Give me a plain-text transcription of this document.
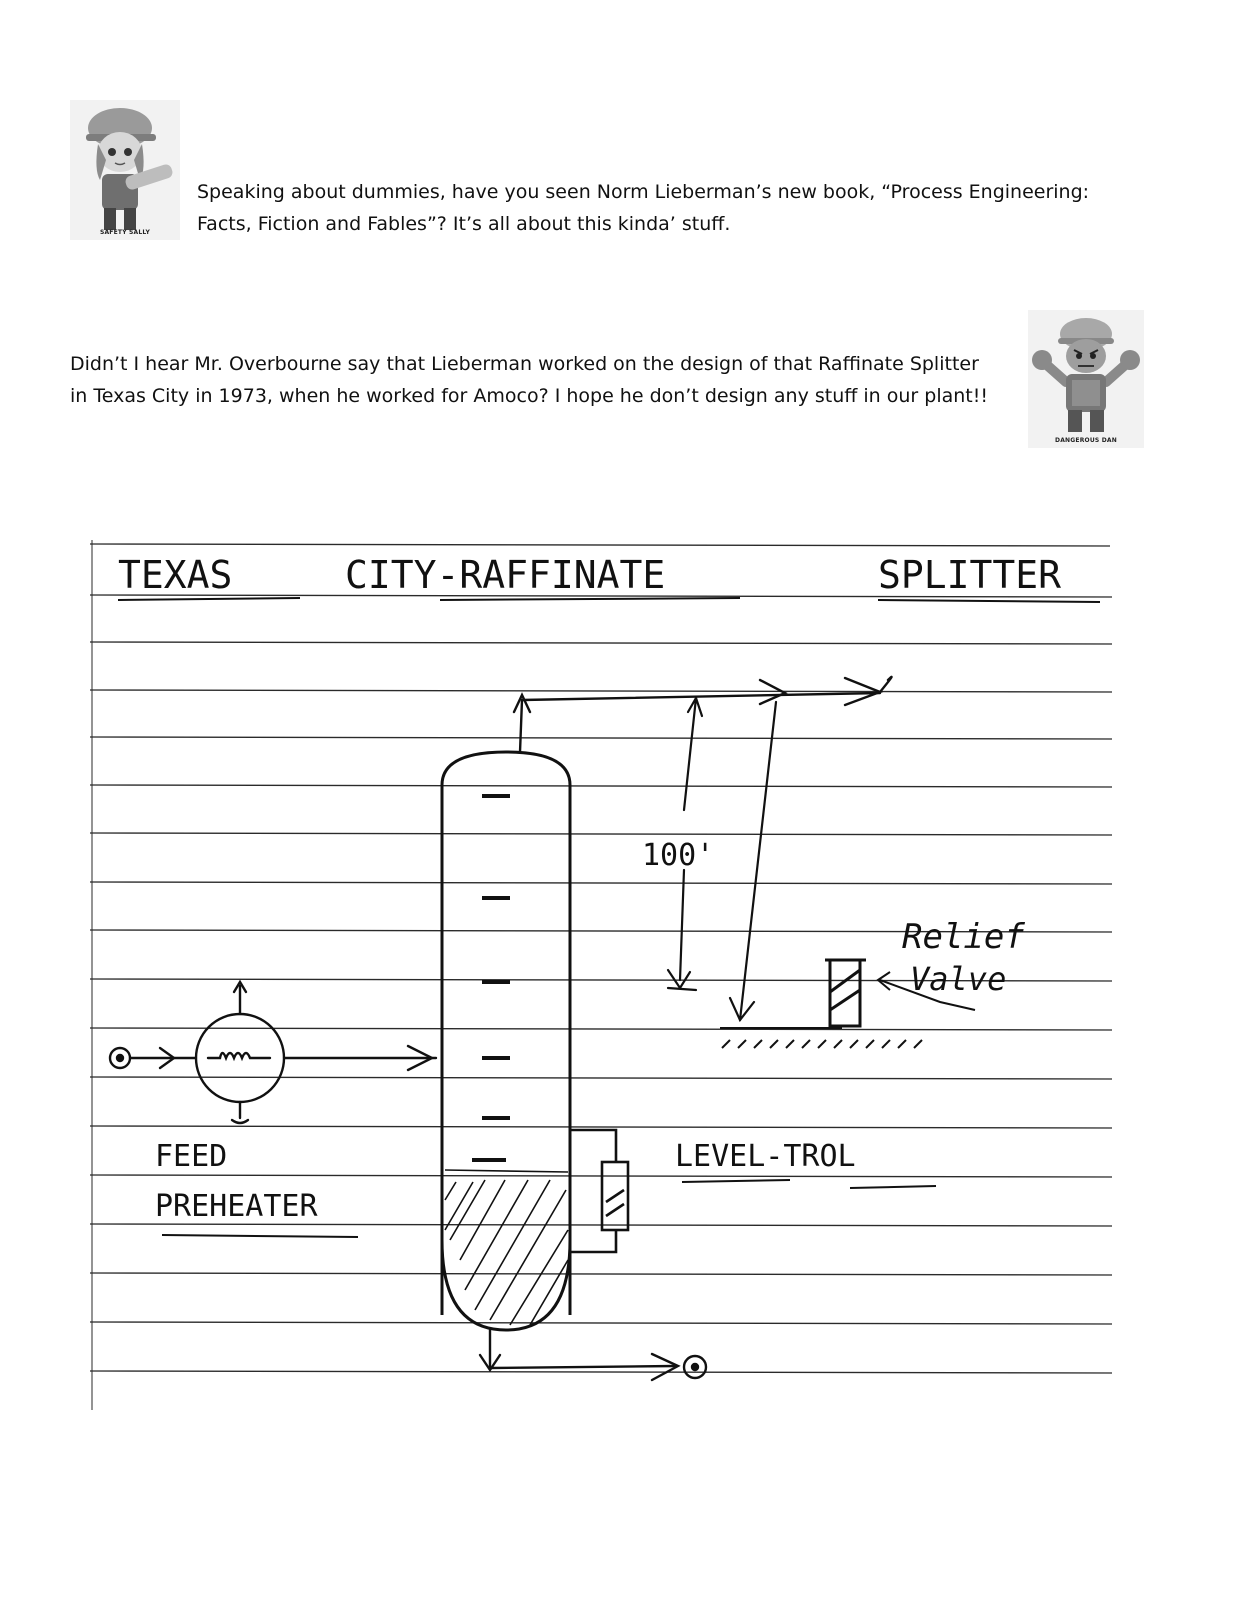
SAFETY SALLY

Speaking about dummies, have you seen Norm Lieberman’s new book, “Process Engineering:

Facts, Fiction and Fables”? It’s all about this kinda’ stuff.

DANGEROUS DAN

Didn’t I hear Mr. Overbourne say that Lieberman worked on the design of that Raffinate Splitter

in Texas City in 1973, when he worked for Amoco? I hope he don’t design any stuff in our plant!!

TEXAS	CITY-RAFFINATE	SPLITTER
100'
Relief
Valve
FEED
PREHEATER
LEVEL-TROL
